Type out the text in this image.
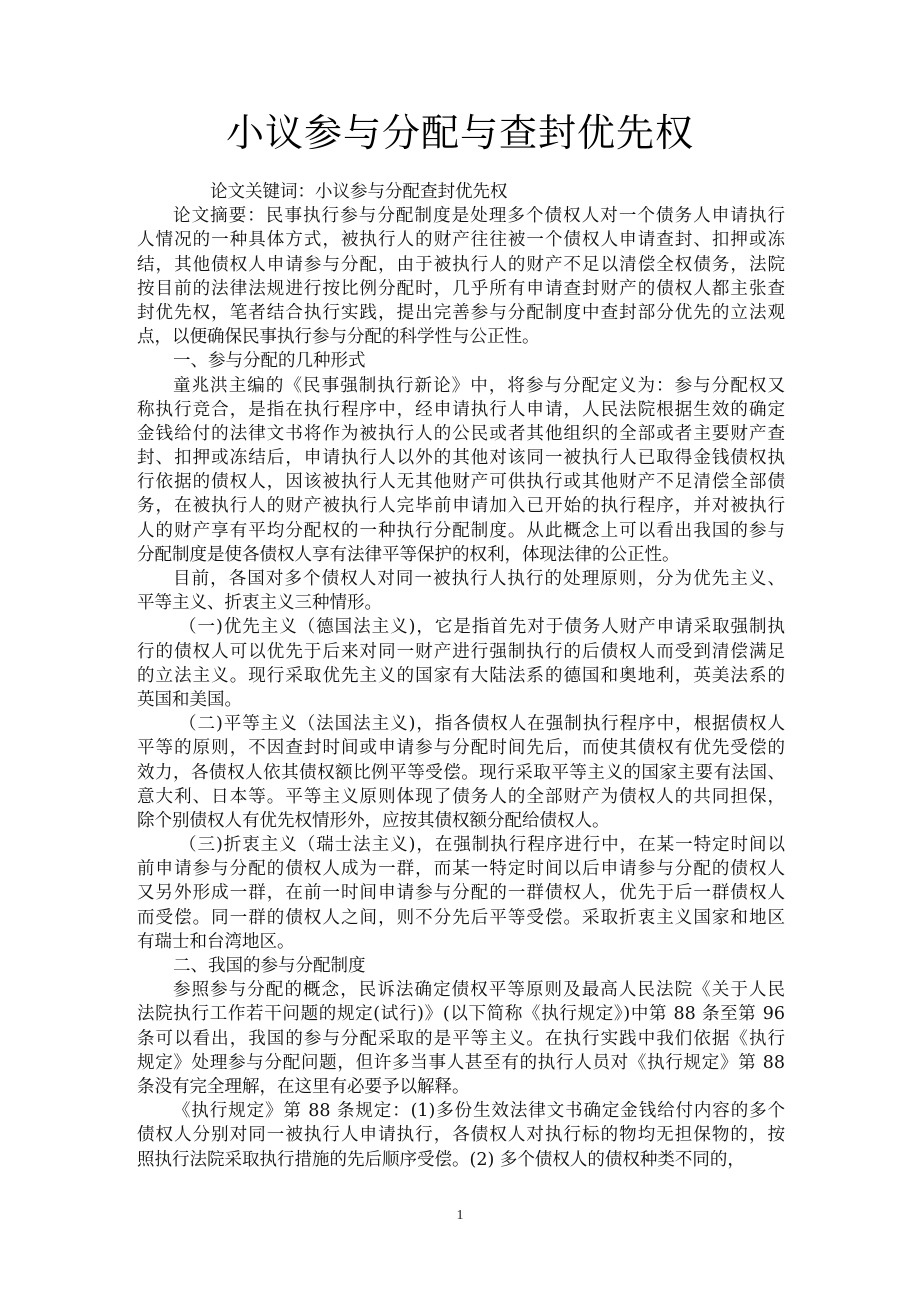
小议参与分配与查封优先权
论文关键词：小议参与分配查封优先权
论文摘要：民事执行参与分配制度是处理多个债权人对一个债务人申请执行
人情况的一种具体方式，被执行人的财产往往被一个债权人申请查封、扣押或冻
结，其他债权人申请参与分配，由于被执行人的财产不足以清偿全权债务，法院
按目前的法律法规进行按比例分配时，几乎所有申请查封财产的债权人都主张查
封优先权，笔者结合执行实践，提出完善参与分配制度中查封部分优先的立法观
点，以便确保民事执行参与分配的科学性与公正性。
一、参与分配的几种形式
童兆洪主编的《民事强制执行新论》中，将参与分配定义为：参与分配权又
称执行竞合，是指在执行程序中，经申请执行人申请，人民法院根据生效的确定
金钱给付的法律文书将作为被执行人的公民或者其他组织的全部或者主要财产查
封、扣押或冻结后，申请执行人以外的其他对该同一被执行人已取得金钱债权执
行依据的债权人，因该被执行人无其他财产可供执行或其他财产不足清偿全部债
务，在被执行人的财产被执行人完毕前申请加入已开始的执行程序，并对被执行
人的财产享有平均分配权的一种执行分配制度。从此概念上可以看出我国的参与
分配制度是使各债权人享有法律平等保护的权利，体现法律的公正性。
目前，各国对多个债权人对同一被执行人执行的处理原则，分为优先主义、
平等主义、折衷主义三种情形。
（一)优先主义（德国法主义)，它是指首先对于债务人财产申请采取强制执
行的债权人可以优先于后来对同一财产进行强制执行的后债权人而受到清偿满足
的立法主义。现行采取优先主义的国家有大陆法系的德国和奥地利，英美法系的
英国和美国。
（二)平等主义（法国法主义)，指各债权人在强制执行程序中，根据债权人
平等的原则，不因查封时间或申请参与分配时间先后，而使其债权有优先受偿的
效力，各债权人依其债权额比例平等受偿。现行采取平等主义的国家主要有法国、
意大利、日本等。平等主义原则体现了债务人的全部财产为债权人的共同担保，
除个别债权人有优先权情形外，应按其债权额分配给债权人。
（三)折衷主义（瑞士法主义)，在强制执行程序进行中，在某一特定时间以
前申请参与分配的债权人成为一群，而某一特定时间以后申请参与分配的债权人
又另外形成一群，在前一时间申请参与分配的一群债权人，优先于后一群债权人
而受偿。同一群的债权人之间，则不分先后平等受偿。采取折衷主义国家和地区
有瑞士和台湾地区。
二、我国的参与分配制度
参照参与分配的概念，民诉法确定债权平等原则及最高人民法院《关于人民
法院执行工作若干问题的规定(试行)》(以下简称《执行规定》)中第 88 条至第 96
条可以看出，我国的参与分配采取的是平等主义。在执行实践中我们依据《执行
规定》处理参与分配问题，但许多当事人甚至有的执行人员对《执行规定》第 88
条没有完全理解，在这里有必要予以解释。
《执行规定》第 88 条规定：(1)多份生效法律文书确定金钱给付内容的多个
债权人分别对同一被执行人申请执行，各债权人对执行标的物均无担保物的，按
照执行法院采取执行措施的先后顺序受偿。(2) 多个债权人的债权种类不同的，
1
